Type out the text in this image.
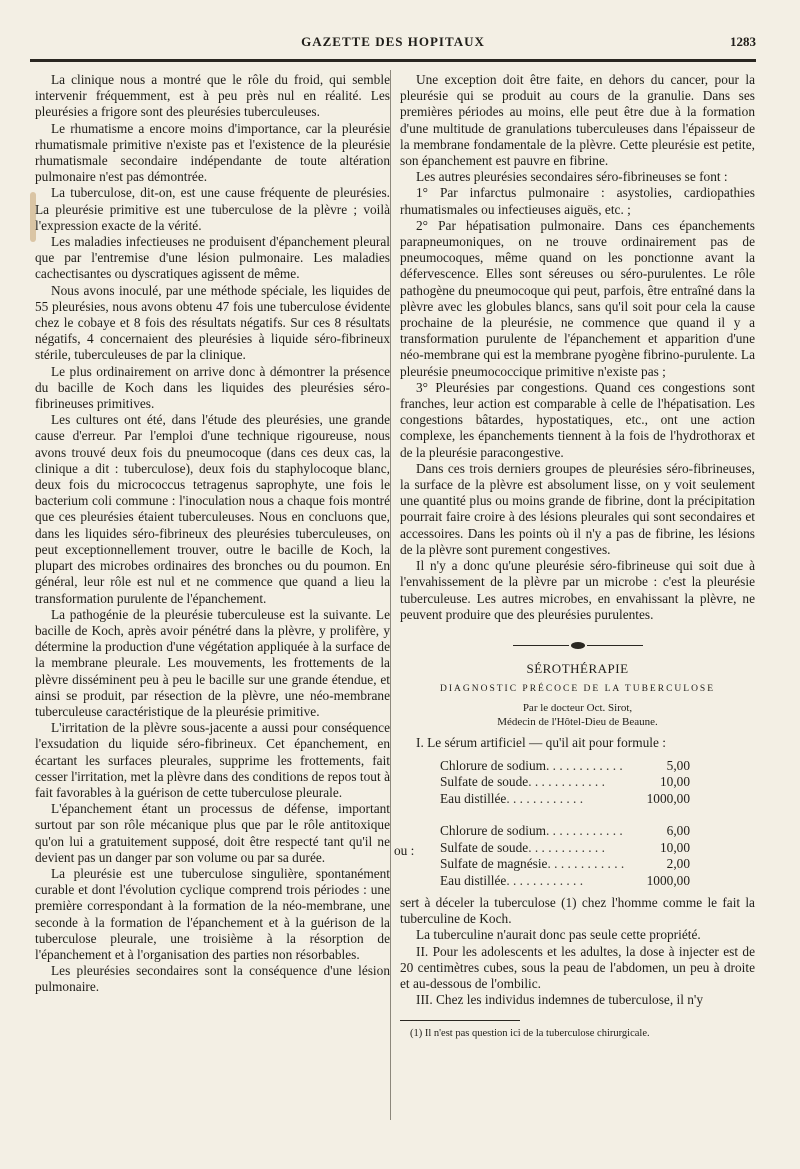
GAZETTE DES HOPITAUX	1283

La clinique nous a montré que le rôle du froid, qui semble intervenir fréquemment, est à peu près nul en réalité. Les pleurésies a frigore sont des pleurésies tuberculeuses.

Le rhumatisme a encore moins d'importance, car la pleurésie rhumatismale primitive n'existe pas et l'existence de la pleurésie rhumatismale secondaire indépendante de toute altération pulmonaire n'est pas démontrée.

La tuberculose, dit-on, est une cause fréquente de pleurésies. La pleurésie primitive est une tuberculose de la plèvre ; voilà l'expression exacte de la vérité.

Les maladies infectieuses ne produisent d'épanchement pleural que par l'entremise d'une lésion pulmonaire. Les maladies cachectisantes ou dyscratiques agissent de même.

Nous avons inoculé, par une méthode spéciale, les liquides de 55 pleurésies, nous avons obtenu 47 fois une tuberculose évidente chez le cobaye et 8 fois des résultats négatifs. Sur ces 8 résultats négatifs, 4 concernaient des pleurésies à liquide séro-fibrineux stérile, tuberculeuses de par la clinique.

Le plus ordinairement on arrive donc à démontrer la présence du bacille de Koch dans les liquides des pleurésies séro-fibrineuses primitives.

Les cultures ont été, dans l'étude des pleurésies, une grande cause d'erreur. Par l'emploi d'une technique rigoureuse, nous avons trouvé deux fois du pneumocoque (dans ces deux cas, la clinique a dit : tuberculose), deux fois du staphylocoque blanc, deux fois du micrococcus tetragenus saprophyte, une fois le bacterium coli commune : l'inoculation nous a chaque fois montré que ces pleurésies étaient tuberculeuses. Nous en concluons que, dans les liquides séro-fibrineux des pleurésies tuberculeuses, on peut exceptionnellement trouver, outre le bacille de Koch, la plupart des microbes ordinaires des bronches ou du poumon. En général, leur rôle est nul et ne commence que quand a lieu la transformation purulente de l'épanchement.

La pathogénie de la pleurésie tuberculeuse est la suivante. Le bacille de Koch, après avoir pénétré dans la plèvre, y prolifère, y détermine la production d'une végétation appliquée à la surface de la membrane pleurale. Les mouvements, les frottements de la plèvre disséminent peu à peu le bacille sur une grande étendue, et ainsi se produit, par résection de la plèvre, une néo-membrane tuberculeuse caractéristique de la pleurésie primitive.

L'irritation de la plèvre sous-jacente a aussi pour conséquence l'exsudation du liquide séro-fibrineux. Cet épanchement, en écartant les surfaces pleurales, supprime les frottements, fait cesser l'irritation, met la plèvre dans des conditions de repos tout à fait favorables à la guérison de cette tuberculose pleurale.

L'épanchement étant un processus de défense, important surtout par son rôle mécanique plus que par le rôle antitoxique qu'on lui a gratuitement supposé, doit être respecté tant qu'il ne devient pas un danger par son volume ou par sa durée.

La pleurésie est une tuberculose singulière, spontanément curable et dont l'évolution cyclique comprend trois périodes : une première correspondant à la formation de la néo-membrane, une seconde à la formation de l'épanchement et à la guérison de la tuberculose pleurale, une troisième à la résorption de l'épanchement et à l'organisation des parties non résorbables.

Les pleurésies secondaires sont la conséquence d'une lésion pulmonaire.

Une exception doit être faite, en dehors du cancer, pour la pleurésie qui se produit au cours de la granulie. Dans ses premières périodes au moins, elle peut être due à la formation d'une multitude de granulations tuberculeuses dans l'épaisseur de la membrane fondamentale de la plèvre. Cette pleurésie est petite, son épanchement est pauvre en fibrine.

Les autres pleurésies secondaires séro-fibrineuses se font :

1° Par infarctus pulmonaire : asystolies, cardiopathies rhumatismales ou infectieuses aiguës, etc. ;

2° Par hépatisation pulmonaire. Dans ces épanchements parapneumoniques, on ne trouve ordinairement pas de pneumocoques, même quand on les ponctionne avant la défervescence. Elles sont séreuses ou séro-purulentes. Le rôle pathogène du pneumocoque qui peut, parfois, être entraîné dans la plèvre avec les globules blancs, sans qu'il soit pour cela la cause prochaine de la pleurésie, ne commence que quand il y a transformation purulente de l'épanchement et apparition d'une néo-membrane qui est la membrane pyogène fibrino-purulente. La pleurésie pneumococcique primitive n'existe pas ;

3° Pleurésies par congestions. Quand ces congestions sont franches, leur action est comparable à celle de l'hépatisation. Les congestions bâtardes, hypostatiques, etc., ont une action complexe, les épanchements tiennent à la fois de l'hydrothorax et de la pleurésie paracongestive.

Dans ces trois derniers groupes de pleurésies séro-fibrineuses, la surface de la plèvre est absolument lisse, on y voit seulement une quantité plus ou moins grande de fibrine, dont la précipitation pourrait faire croire à des lésions pleurales qui sont secondaires et accessoires. Dans les points où il n'y a pas de fibrine, les lésions de la plèvre sont purement congestives.

Il n'y a donc qu'une pleurésie séro-fibrineuse qui soit due à l'envahissement de la plèvre par un microbe : c'est la pleurésie tuberculeuse. Les autres microbes, en envahissant la plèvre, ne peuvent produire que des pleurésies purulentes.

SÉROTHÉRAPIE
DIAGNOSTIC PRÉCOCE DE LA TUBERCULOSE
Par le docteur Oct. Sirot,
Médecin de l'Hôtel-Dieu de Beaune.

I. Le sérum artificiel — qu'il ait pour formule :

Chlorure de sodium . . . . . . . . . . . .	5,00
Sulfate de soude . . . . . . . . . . . .	10,00
Eau distillée . . . . . . . . . . . .	1000,00
ou :
Chlorure de sodium . . . . . . . . . . . .	6,00
Sulfate de soude . . . . . . . . . . . .	10,00
Sulfate de magnésie . . . . . . . . . . . .	2,00
Eau distillée . . . . . . . . . . . .	1000,00

sert à déceler la tuberculose (1) chez l'homme comme le fait la tuberculine de Koch.

La tuberculine n'aurait donc pas seule cette propriété.

II. Pour les adolescents et les adultes, la dose à injecter est de 20 centimètres cubes, sous la peau de l'abdomen, un peu à droite et au-dessous de l'ombilic.

III. Chez les individus indemnes de tuberculose, il n'y

(1) Il n'est pas question ici de la tuberculose chirurgicale.
